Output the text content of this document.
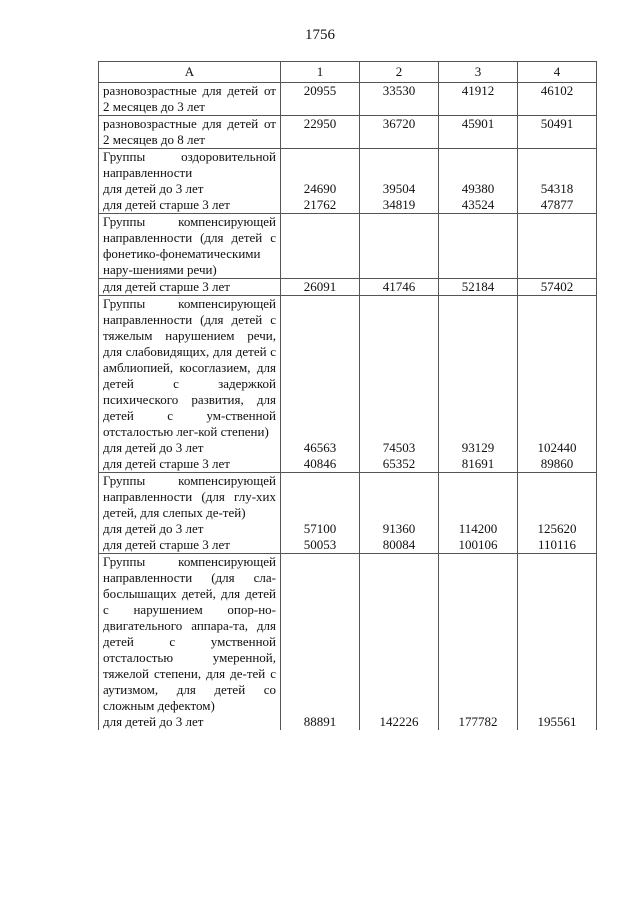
1756
А	1	2	3	4
разновозрастные для детей от 2 месяцев до 3 лет	20955	33530	41912	46102
разновозрастные для детей от 2 месяцев до 8 лет	22950	36720	45901	50491
Группы оздоровительной направленности				
для детей до 3 лет	24690	39504	49380	54318
для детей старше 3 лет	21762	34819	43524	47877
Группы компенсирующей направленности (для детей с фонетико-фонематическими нару-шениями речи)				
для детей старше 3 лет	26091	41746	52184	57402
Группы компенсирующей направленности (для детей с тяжелым нарушением речи, для слабовидящих, для детей с амблиопией, косоглазием, для детей с задержкой психического развития, для детей с ум-ственной отсталостью лег-кой степени)				
для детей до 3 лет	46563	74503	93129	102440
для детей старше 3 лет	40846	65352	81691	89860
Группы компенсирующей направленности (для глу-хих детей, для слепых де-тей)				
для детей до 3 лет	57100	91360	114200	125620
для детей старше 3 лет	50053	80084	100106	110116
Группы компенсирующей направленности (для сла-бослышащих детей, для детей с нарушением опор-но-двигательного аппара-та, для детей с умственной отсталостью умеренной, тяжелой степени, для де-тей с аутизмом, для детей со сложным дефектом)				
для детей до 3 лет	88891	142226	177782	195561
